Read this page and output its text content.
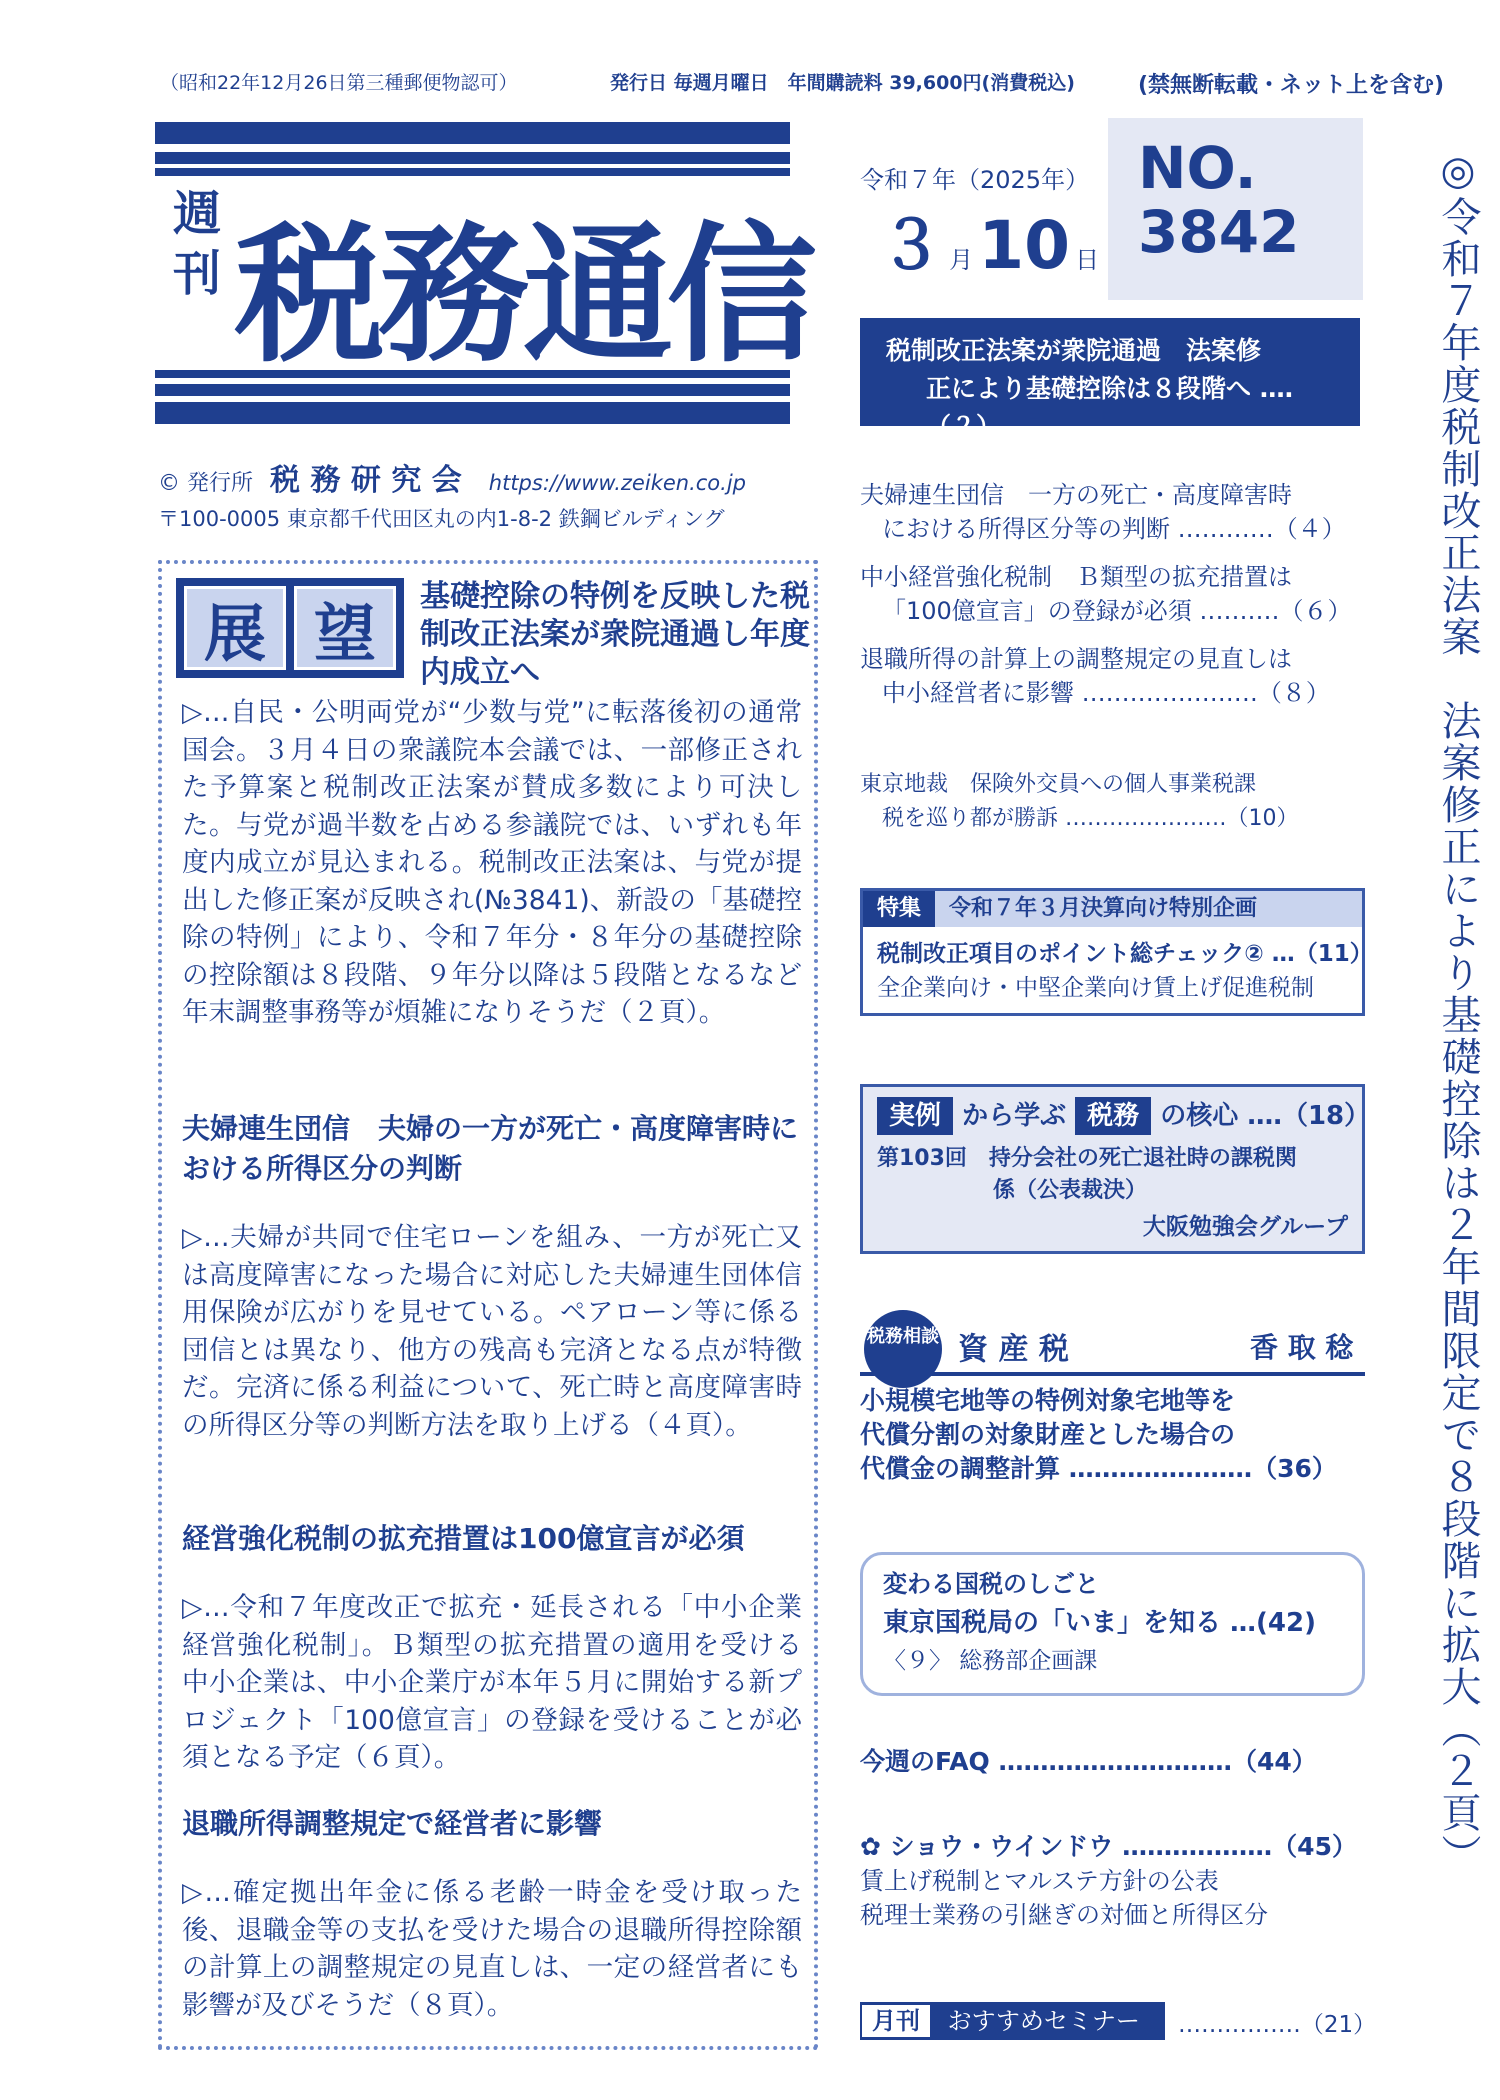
（昭和22年12月26日第三種郵便物認可）	発行日 毎週月曜日　年間購読料 39,600円(消費税込)	(禁無断転載・ネット上を含む)
週刊 税務通信
© 発行所 税 務 研 究 会 https://www.zeiken.co.jp
〒100-0005 東京都千代田区丸の内1-8-2 鉄鋼ビルディング
令和７年（2025年）
３ 月 10 日
NO.
3842
税制改正法案が衆院通過　法案修
正により基礎控除は８段階へ ‥‥（２）	◎令和７年度税制改正法案　法案修正により基礎控除は２年間限定で８段階に拡大（２頁）
展 望	基礎控除の特例を反映した税制改正法案が衆院通過し年度内成立へ
▷…自民・公明両党が“少数与党”に転落後初の通常国会。３月４日の衆議院本会議では、一部修正された予算案と税制改正法案が賛成多数により可決した。与党が過半数を占める参議院では、いずれも年度内成立が見込まれる。税制改正法案は、与党が提出した修正案が反映され(№3841)、新設の「基礎控除の特例」により、令和７年分・８年分の基礎控除の控除額は８段階、９年分以降は５段階となるなど年末調整事務等が煩雑になりそうだ（２頁）。
夫婦連生団信　夫婦の一方が死亡・高度障害時における所得区分の判断
▷…夫婦が共同で住宅ローンを組み、一方が死亡又は高度障害になった場合に対応した夫婦連生団体信用保険が広がりを見せている。ペアローン等に係る団信とは異なり、他方の残高も完済となる点が特徴だ。完済に係る利益について、死亡時と高度障害時の所得区分等の判断方法を取り上げる（４頁）。
経営強化税制の拡充措置は100億宣言が必須
▷…令和７年度改正で拡充・延長される「中小企業経営強化税制」。Ｂ類型の拡充措置の適用を受ける中小企業は、中小企業庁が本年５月に開始する新プロジェクト「100億宣言」の登録を受けることが必須となる予定（６頁）。
退職所得調整規定で経営者に影響
▷…確定拠出年金に係る老齢一時金を受け取った後、退職金等の支払を受けた場合の退職所得控除額の計算上の調整規定の見直しは、一定の経営者にも影響が及びそうだ（８頁）。
夫婦連生団信　一方の死亡・高度障害時
における所得区分等の判断 ‥‥‥‥‥‥（４）
中小経営強化税制　Ｂ類型の拡充措置は
「100億宣言」の登録が必須 ‥‥‥‥‥（６）
退職所得の計算上の調整規定の見直しは
中小経営者に影響 ‥‥‥‥‥‥‥‥‥‥‥（８）
東京地裁　保険外交員への個人事業税課
税を巡り都が勝訴 ‥‥‥‥‥‥‥‥‥‥‥（10）
特集	令和７年３月決算向け特別企画
税制改正項目のポイント総チェック② …（11）
全企業向け・中堅企業向け賃上げ促進税制
実例 から学ぶ 税務 の核心 ‥‥（18）
第103回　持分会社の死亡退社時の課税関
係（公表裁決）
大阪勉強会グループ
税務相談 資 産 税	香 取 稔
小規模宅地等の特例対象宅地等を
代償分割の対象財産とした場合の
代償金の調整計算 ‥‥‥‥‥‥‥‥‥‥‥（36）
変わる国税のしごと
東京国税局の「いま」を知る …(42)
〈９〉 総務部企画課
今週のFAQ ‥‥‥‥‥‥‥‥‥‥‥‥‥‥（44）
✿ ショウ・ウインドウ ‥‥‥‥‥‥‥‥‥（45）
賃上げ税制とマルステ方針の公表
税理士業務の引継ぎの対価と所得区分
月刊 おすすめセミナー	‥‥‥‥‥‥‥‥（21）
